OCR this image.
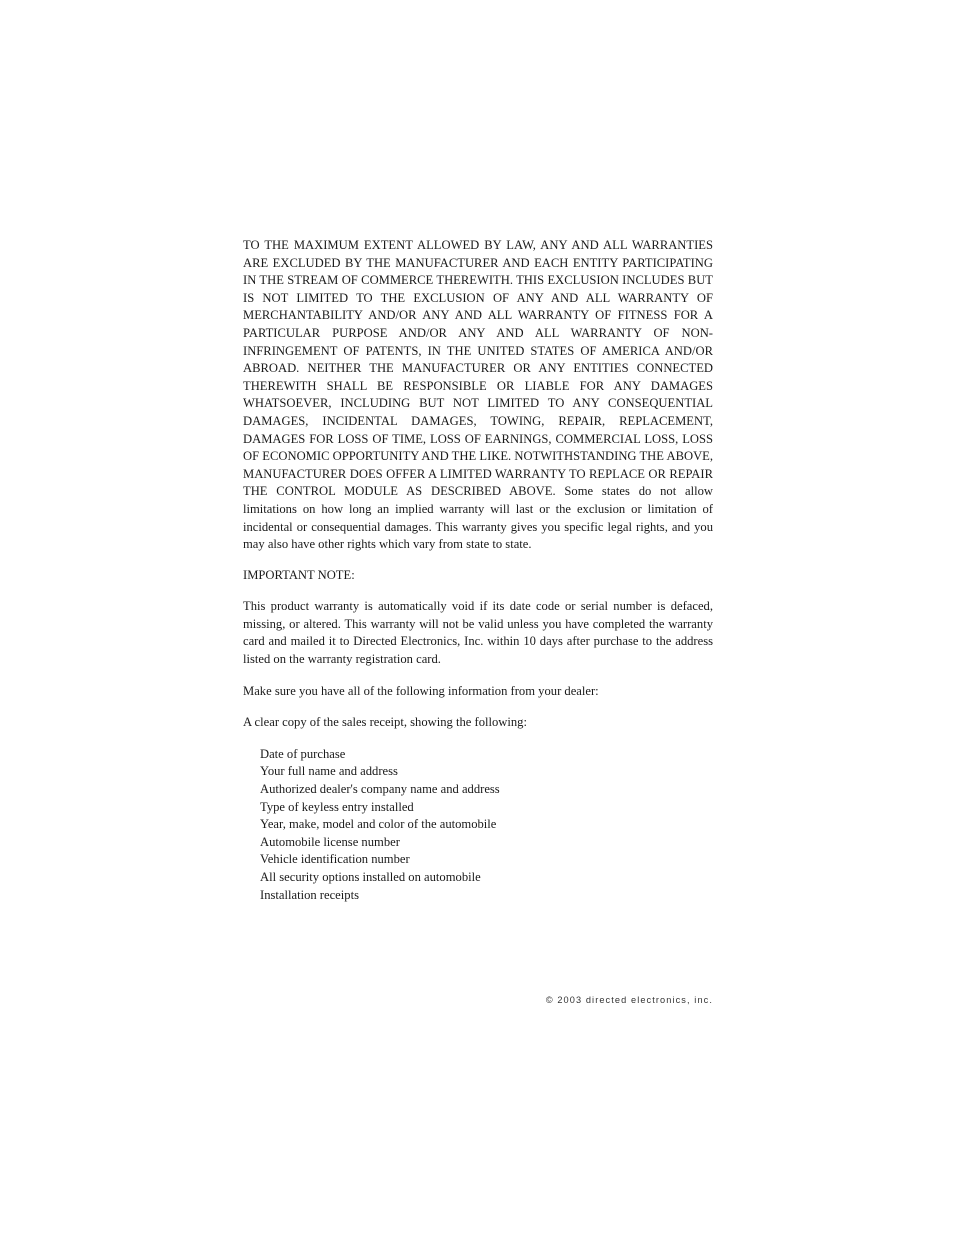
TO THE MAXIMUM EXTENT ALLOWED BY LAW, ANY AND ALL WARRANTIES ARE EXCLUDED BY THE MANUFACTURER AND EACH ENTITY PARTICIPATING IN THE STREAM OF COMMERCE THEREWITH. THIS EXCLUSION INCLUDES BUT IS NOT LIMITED TO THE EXCLUSION OF ANY AND ALL WARRANTY OF MERCHANTABILITY AND/OR ANY AND ALL WARRANTY OF FITNESS FOR A PARTICULAR PURPOSE AND/OR ANY AND ALL WARRANTY OF NON-INFRINGEMENT OF PATENTS, IN THE UNITED STATES OF AMERICA AND/OR ABROAD. NEITHER THE MANUFACTURER OR ANY ENTITIES CONNECTED THEREWITH SHALL BE RESPONSIBLE OR LIABLE FOR ANY DAMAGES WHATSOEVER, INCLUDING BUT NOT LIMITED TO ANY CONSEQUENTIAL DAMAGES, INCIDENTAL DAMAGES, TOWING, REPAIR, REPLACEMENT, DAMAGES FOR LOSS OF TIME, LOSS OF EARNINGS, COMMERCIAL LOSS, LOSS OF ECONOMIC OPPORTUNITY AND THE LIKE. NOTWITHSTANDING THE ABOVE, MANUFACTURER DOES OFFER A LIMITED WARRANTY TO REPLACE OR REPAIR THE CONTROL MODULE AS DESCRIBED ABOVE. Some states do not allow limitations on how long an implied warranty will last or the exclusion or limitation of incidental or consequential damages. This warranty gives you specific legal rights, and you may also have other rights which vary from state to state.

IMPORTANT NOTE:

This product warranty is automatically void if its date code or serial number is defaced, missing, or altered. This warranty will not be valid unless you have completed the warranty card and mailed it to Directed Electronics, Inc. within 10 days after purchase to the address listed on the warranty registration card.

Make sure you have all of the following information from your dealer:

A clear copy of the sales receipt, showing the following:

Date of purchase
Your full name and address
Authorized dealer's company name and address
Type of keyless entry installed
Year, make, model and color of the automobile
Automobile license number
Vehicle identification number
All security options installed on automobile
Installation receipts
© 2003 directed electronics, inc.
